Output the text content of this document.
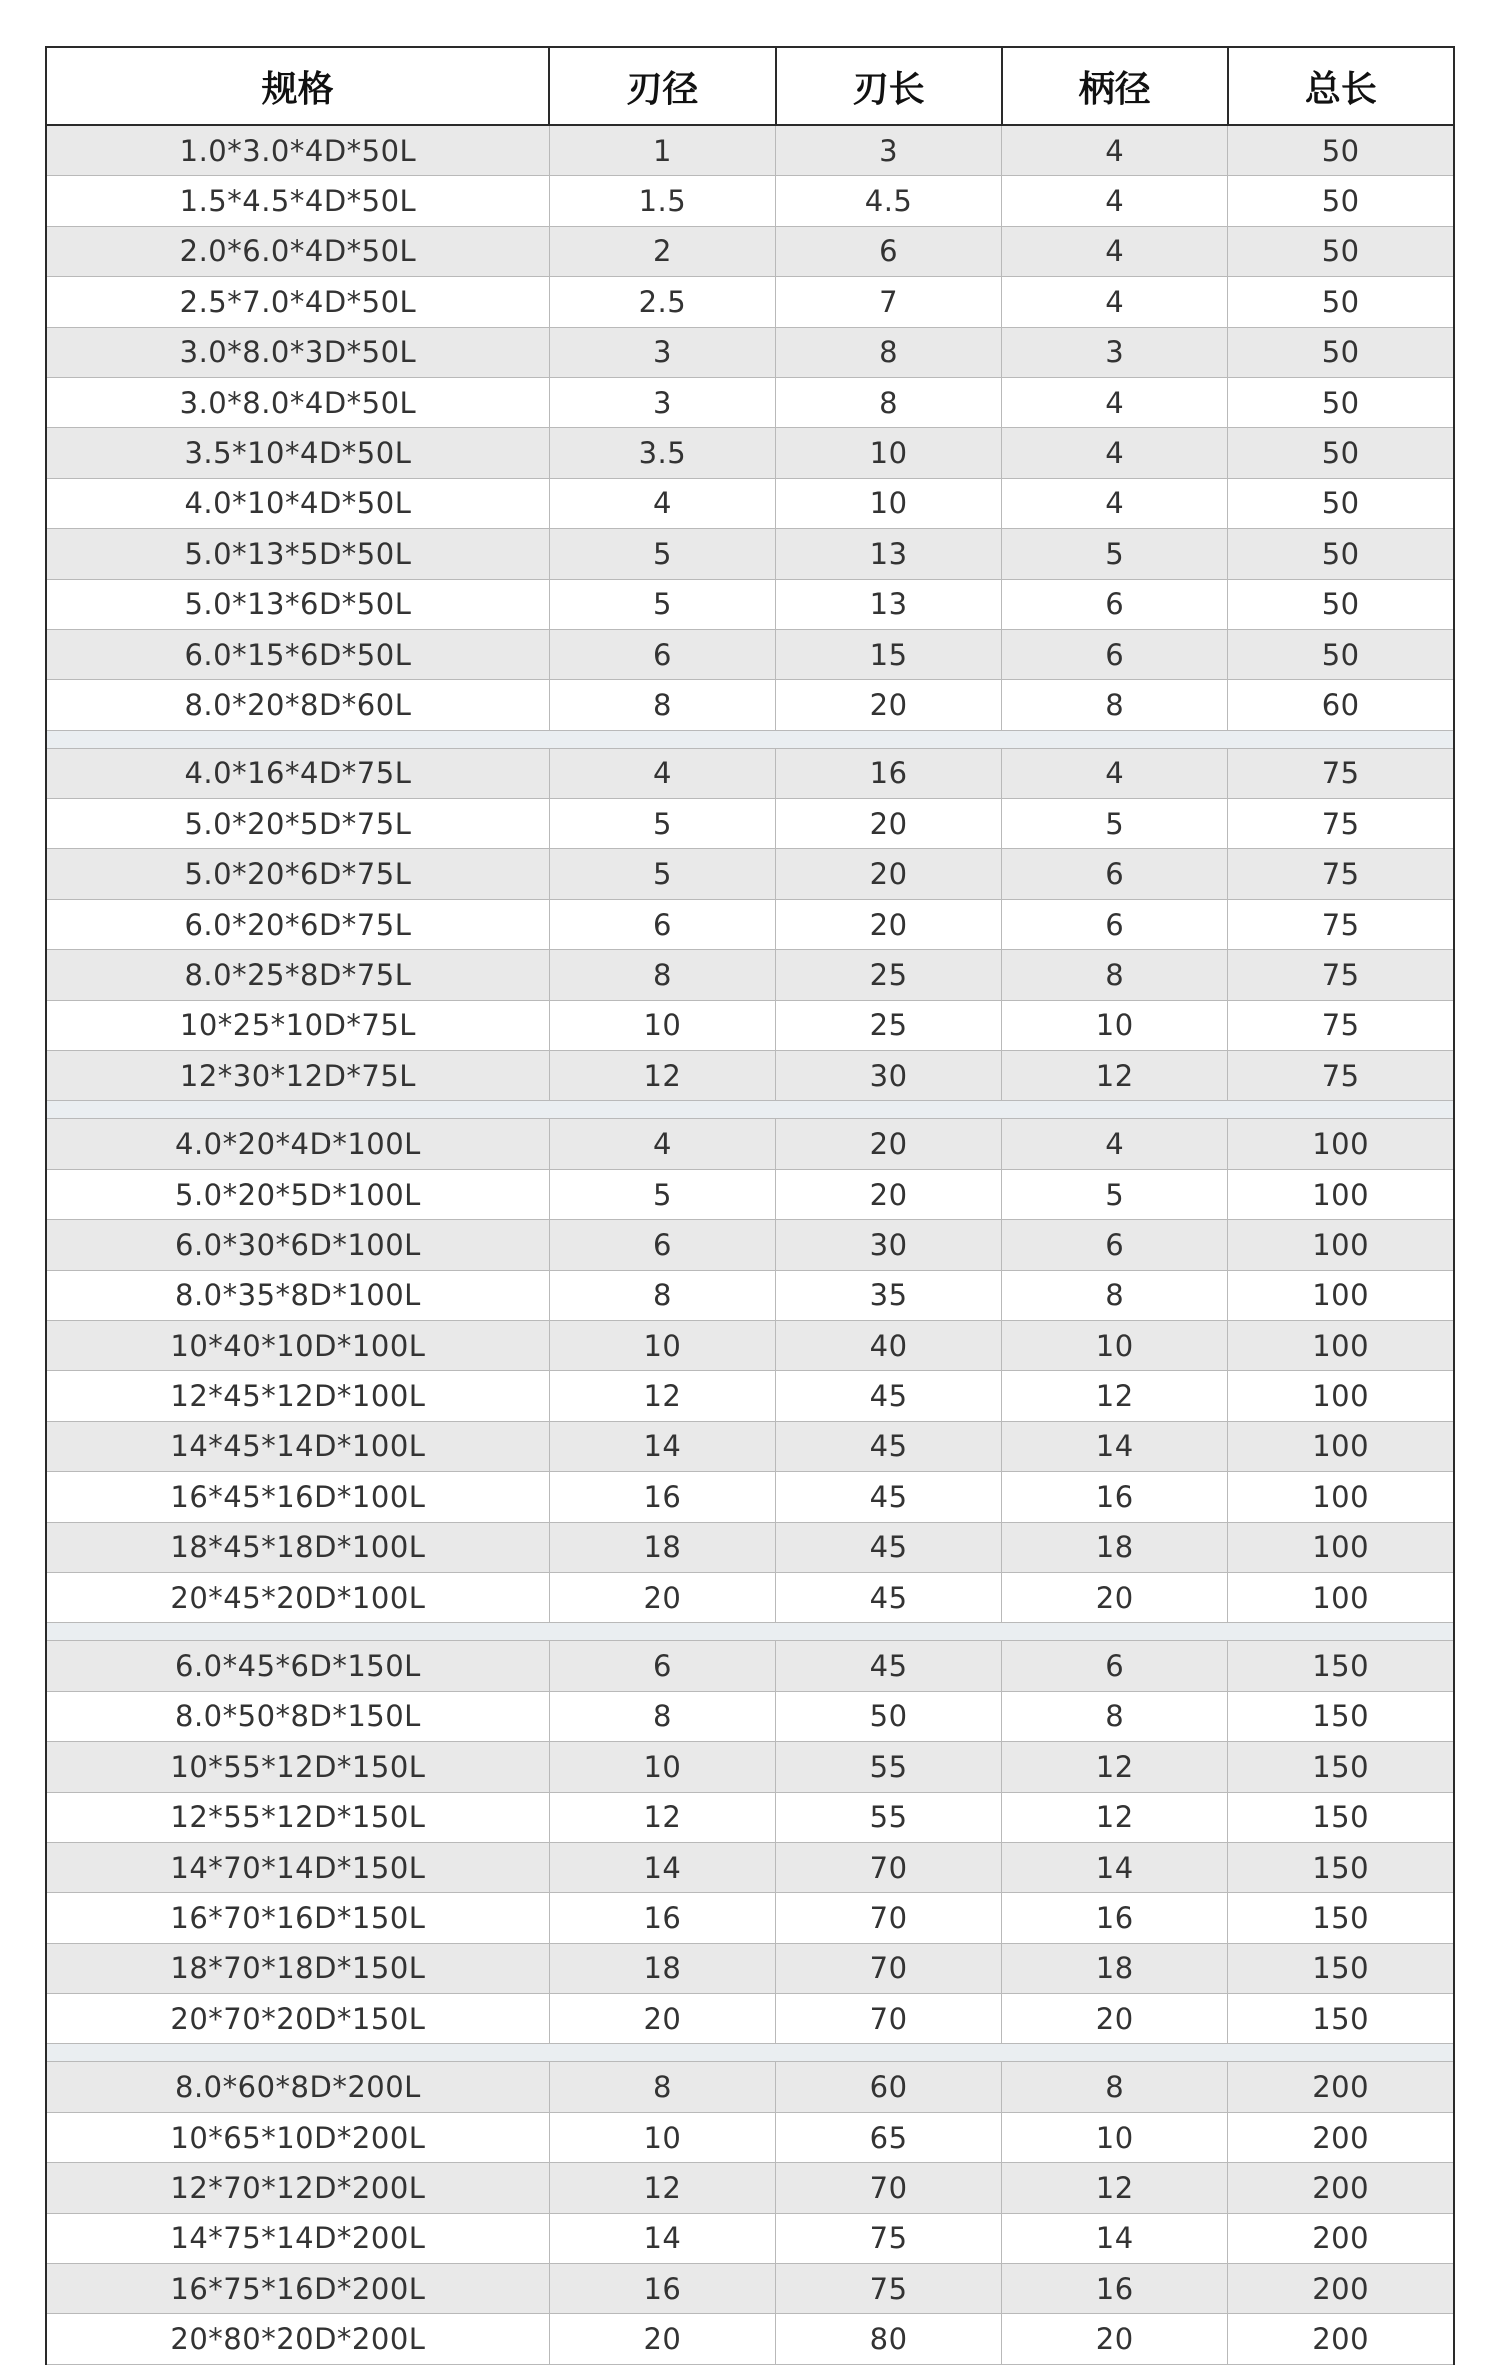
规格	刃径	刃长	柄径	总长
1.0*3.0*4D*50L	1	3	4	50
1.5*4.5*4D*50L	1.5	4.5	4	50
2.0*6.0*4D*50L	2	6	4	50
2.5*7.0*4D*50L	2.5	7	4	50
3.0*8.0*3D*50L	3	8	3	50
3.0*8.0*4D*50L	3	8	4	50
3.5*10*4D*50L	3.5	10	4	50
4.0*10*4D*50L	4	10	4	50
5.0*13*5D*50L	5	13	5	50
5.0*13*6D*50L	5	13	6	50
6.0*15*6D*50L	6	15	6	50
8.0*20*8D*60L	8	20	8	60

4.0*16*4D*75L	4	16	4	75
5.0*20*5D*75L	5	20	5	75
5.0*20*6D*75L	5	20	6	75
6.0*20*6D*75L	6	20	6	75
8.0*25*8D*75L	8	25	8	75
10*25*10D*75L	10	25	10	75
12*30*12D*75L	12	30	12	75

4.0*20*4D*100L	4	20	4	100
5.0*20*5D*100L	5	20	5	100
6.0*30*6D*100L	6	30	6	100
8.0*35*8D*100L	8	35	8	100
10*40*10D*100L	10	40	10	100
12*45*12D*100L	12	45	12	100
14*45*14D*100L	14	45	14	100
16*45*16D*100L	16	45	16	100
18*45*18D*100L	18	45	18	100
20*45*20D*100L	20	45	20	100

6.0*45*6D*150L	6	45	6	150
8.0*50*8D*150L	8	50	8	150
10*55*12D*150L	10	55	12	150
12*55*12D*150L	12	55	12	150
14*70*14D*150L	14	70	14	150
16*70*16D*150L	16	70	16	150
18*70*18D*150L	18	70	18	150
20*70*20D*150L	20	70	20	150

8.0*60*8D*200L	8	60	8	200
10*65*10D*200L	10	65	10	200
12*70*12D*200L	12	70	12	200
14*75*14D*200L	14	75	14	200
16*75*16D*200L	16	75	16	200
20*80*20D*200L	20	80	20	200
